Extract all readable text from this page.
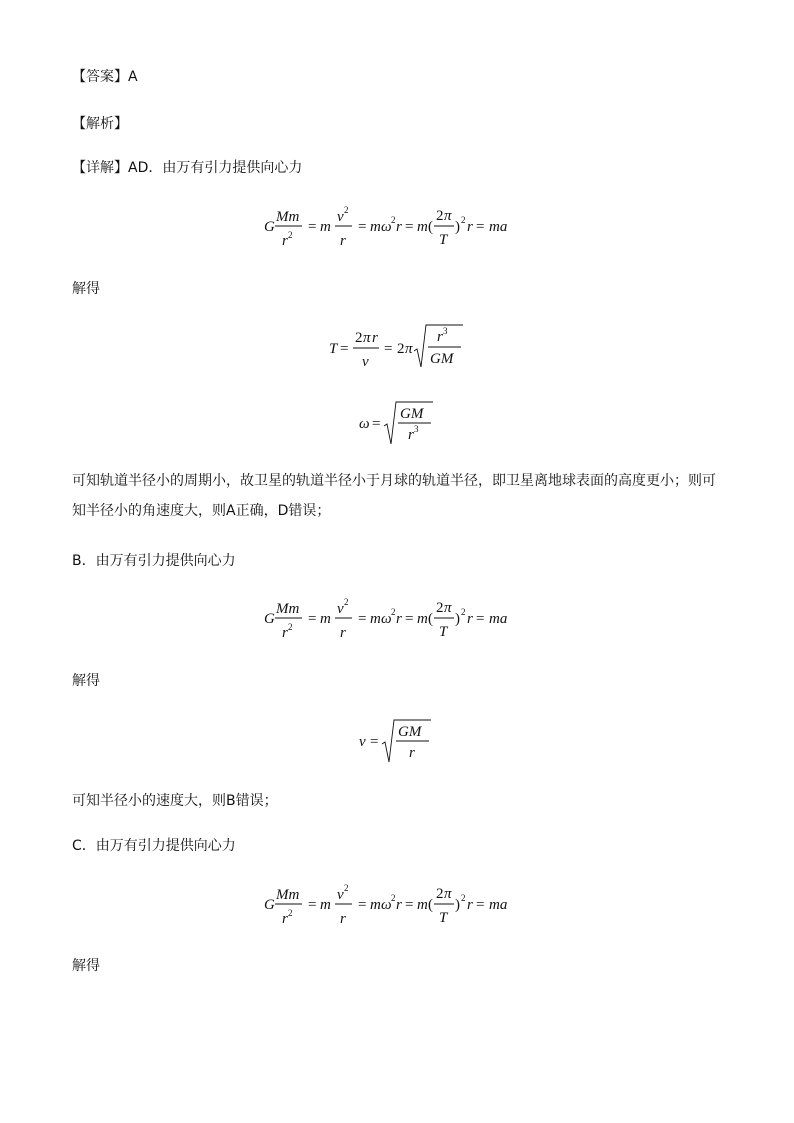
【答案】A
【解析】
【详解】AD．由万有引力提供向心力
G
Mm
r 2 = m
v 2
r
= m ω 2 r = m (
2 π
T
) 2 r = ma
解得
T =
2 π r
v
= 2 π
r 3
GM
ω =
GM
r 3
可知轨道半径小的周期小，故卫星的轨道半径小于月球的轨道半径，即卫星离地球表面的高度更小；则可知半径小的角速度大，则A正确，D错误；
B．由万有引力提供向心力
G
Mm
r 2 = m
v 2
r
= m ω 2 r = m (
2 π
T
) 2 r = ma
解得
v =
GM
r
可知半径小的速度大，则B错误；
C．由万有引力提供向心力
G
Mm
r 2 = m
v 2
r
= m ω 2 r = m (
2 π
T
) 2 r = ma
解得
